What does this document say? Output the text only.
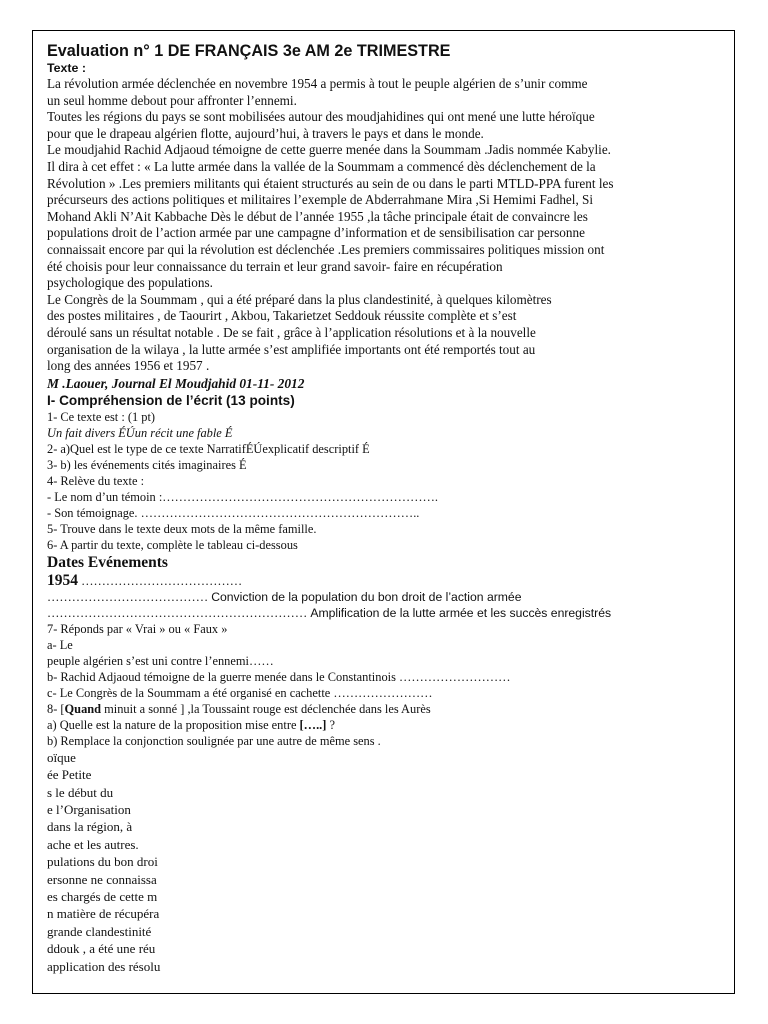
Evaluation n° 1 DE FRANÇAIS 3e AM 2e TRIMESTRE
Texte :
La révolution armée déclenchée en novembre 1954 a permis à tout le peuple algérien de s’unir comme
un seul homme debout pour affronter l’ennemi.
Toutes les régions du pays se sont mobilisées autour des moudjahidines qui ont mené une lutte héroïque
pour que le drapeau algérien flotte, aujourd’hui, à travers le pays et dans le monde.
Le moudjahid Rachid Adjaoud témoigne de cette guerre menée dans la Soummam .Jadis nommée Kabylie.
Il dira à cet effet : « La lutte armée dans la vallée de la Soummam a commencé dès déclenchement de la
Révolution » .Les premiers militants qui étaient structurés au sein de ou dans le parti MTLD-PPA furent les
précurseurs des actions politiques et militaires l’exemple de Abderrahmane Mira ,Si Hemimi Fadhel, Si
Mohand Akli N’Ait Kabbache Dès le début de l’année 1955 ,la tâche principale était de convaincre les
populations droit de l’action armée par une campagne d’information et de sensibilisation car personne
connaissait encore par qui la révolution est déclenchée .Les premiers commissaires politiques mission ont
été choisis pour leur connaissance du terrain et leur grand savoir- faire en récupération
psychologique des populations.
Le Congrès de la Soummam , qui a été préparé dans la plus clandestinité, à quelques kilomètres
des postes militaires , de Taourirt , Akbou, Takarietzet Seddouk réussite complète et s’est
déroulé sans un résultat notable . De se fait , grâce à l’application résolutions et à la nouvelle
organisation de la wilaya , la lutte armée s’est amplifiée importants ont été remportés tout au
long des années 1956 et 1957 .
M .Laouer, Journal El Moudjahid 01-11- 2012
I- Compréhension de l’écrit (13 points)
1- Ce texte est : (1 pt)
Un fait divers ÉÚun récit une fable É
2- a)Quel est le type de ce texte NarratifÉÚexplicatif descriptif É
3- b) les événements cités imaginaires É
4- Relève du texte :
- Le nom d’un témoin :………………………………………………………….
- Son témoignage. …………………………………………………………..
5- Trouve dans le texte deux mots de la même famille.
6- A partir du texte, complète le tableau ci-dessous
Dates Evénements
1954 …………………………………
………………………………… Conviction de la population du bon droit de l’action armée
……………………………………………………… Amplification de la lutte armée et les succès enregistrés
7- Réponds par « Vrai » ou « Faux »
a- Le
peuple algérien s’est uni contre l’ennemi……
b- Rachid Adjaoud témoigne de la guerre menée dans le Constantinois ………………………
c- Le Congrès de la Soummam a été organisé en cachette ……………………
8- [Quand minuit a sonné ] ,la Toussaint rouge est déclenchée dans les Aurès
a) Quelle est la nature de la proposition mise entre […..] ?
b) Remplace la conjonction soulignée par une autre de même sens .
oïque
ée Petite
s le début du
e l’Organisation
dans la région, à
ache et les autres.
pulations du bon droi
ersonne ne connaissa
es chargés de cette m
n matière de récupéra
grande clandestinité
ddouk , a été une réu
application des résolu
